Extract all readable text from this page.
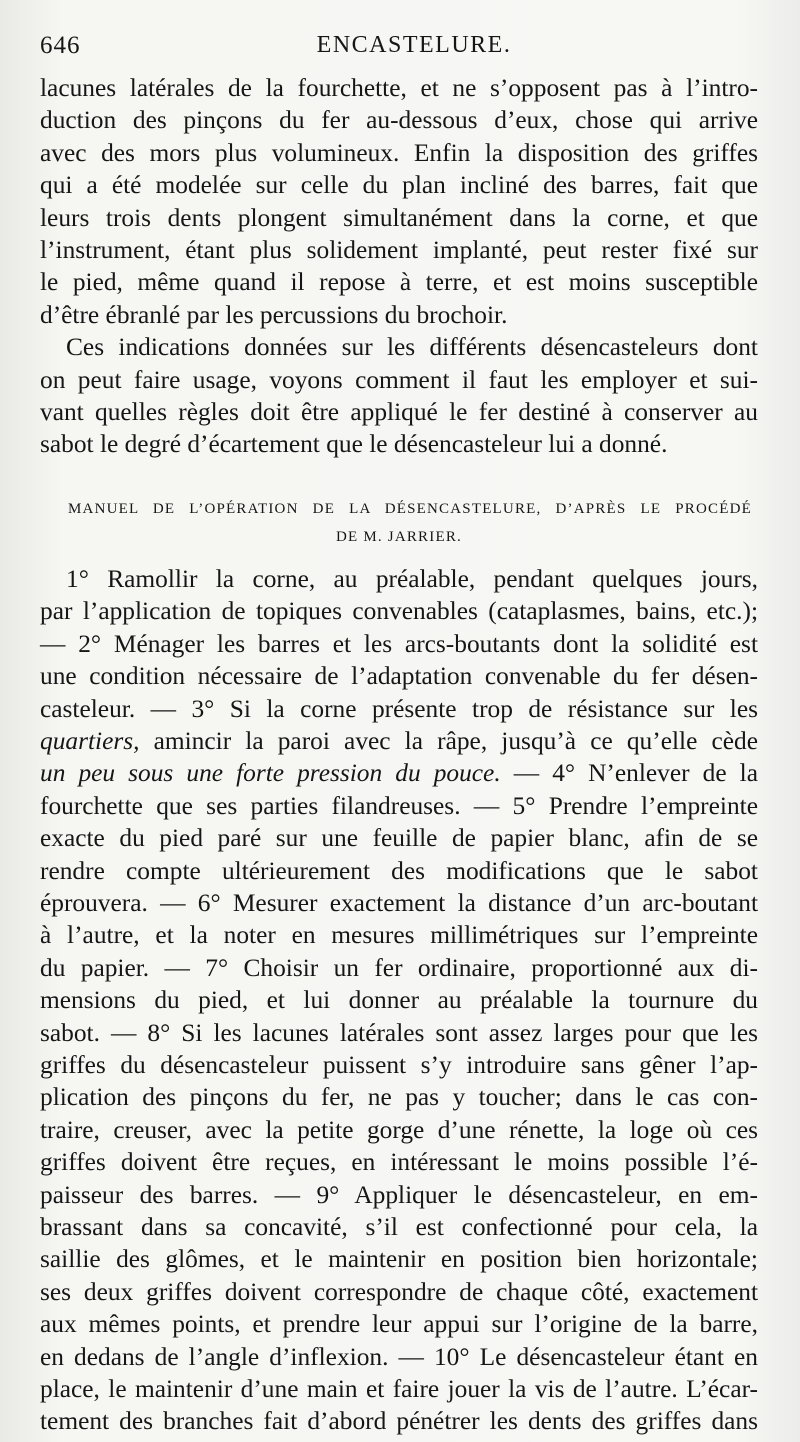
646	ENCASTELURE.

lacunes latérales de la fourchette, et ne s’opposent pas à l’intro-
duction des pinçons du fer au-dessous d’eux, chose qui arrive
avec des mors plus volumineux. Enfin la disposition des griffes
qui a été modelée sur celle du plan incliné des barres, fait que
leurs trois dents plongent simultanément dans la corne, et que
l’instrument, étant plus solidement implanté, peut rester fixé sur
le pied, même quand il repose à terre, et est moins susceptible
d’être ébranlé par les percussions du brochoir.

Ces indications données sur les différents désencasteleurs dont
on peut faire usage, voyons comment il faut les employer et sui-
vant quelles règles doit être appliqué le fer destiné à conserver au
sabot le degré d’écartement que le désencasteleur lui a donné.

MANUEL DE L’OPÉRATION DE LA DÉSENCASTELURE, D’APRÈS LE PROCÉDÉ
DE M. JARRIER.

1° Ramollir la corne, au préalable, pendant quelques jours,
par l’application de topiques convenables (cataplasmes, bains, etc.);
— 2° Ménager les barres et les arcs-boutants dont la solidité est
une condition nécessaire de l’adaptation convenable du fer désen-
casteleur. — 3° Si la corne présente trop de résistance sur les
quartiers, amincir la paroi avec la râpe, jusqu’à ce qu’elle cède
un peu sous une forte pression du pouce. — 4° N’enlever de la
fourchette que ses parties filandreuses. — 5° Prendre l’empreinte
exacte du pied paré sur une feuille de papier blanc, afin de se
rendre compte ultérieurement des modifications que le sabot
éprouvera. — 6° Mesurer exactement la distance d’un arc-boutant
à l’autre, et la noter en mesures millimétriques sur l’empreinte
du papier. — 7° Choisir un fer ordinaire, proportionné aux di-
mensions du pied, et lui donner au préalable la tournure du
sabot. — 8° Si les lacunes latérales sont assez larges pour que les
griffes du désencasteleur puissent s’y introduire sans gêner l’ap-
plication des pinçons du fer, ne pas y toucher; dans le cas con-
traire, creuser, avec la petite gorge d’une rénette, la loge où ces
griffes doivent être reçues, en intéressant le moins possible l’é-
paisseur des barres. — 9° Appliquer le désencasteleur, en em-
brassant dans sa concavité, s’il est confectionné pour cela, la
saillie des glômes, et le maintenir en position bien horizontale;
ses deux griffes doivent correspondre de chaque côté, exactement
aux mêmes points, et prendre leur appui sur l’origine de la barre,
en dedans de l’angle d’inflexion. — 10° Le désencasteleur étant en
place, le maintenir d’une main et faire jouer la vis de l’autre. L’écar-
tement des branches fait d’abord pénétrer les dents des griffes dans
